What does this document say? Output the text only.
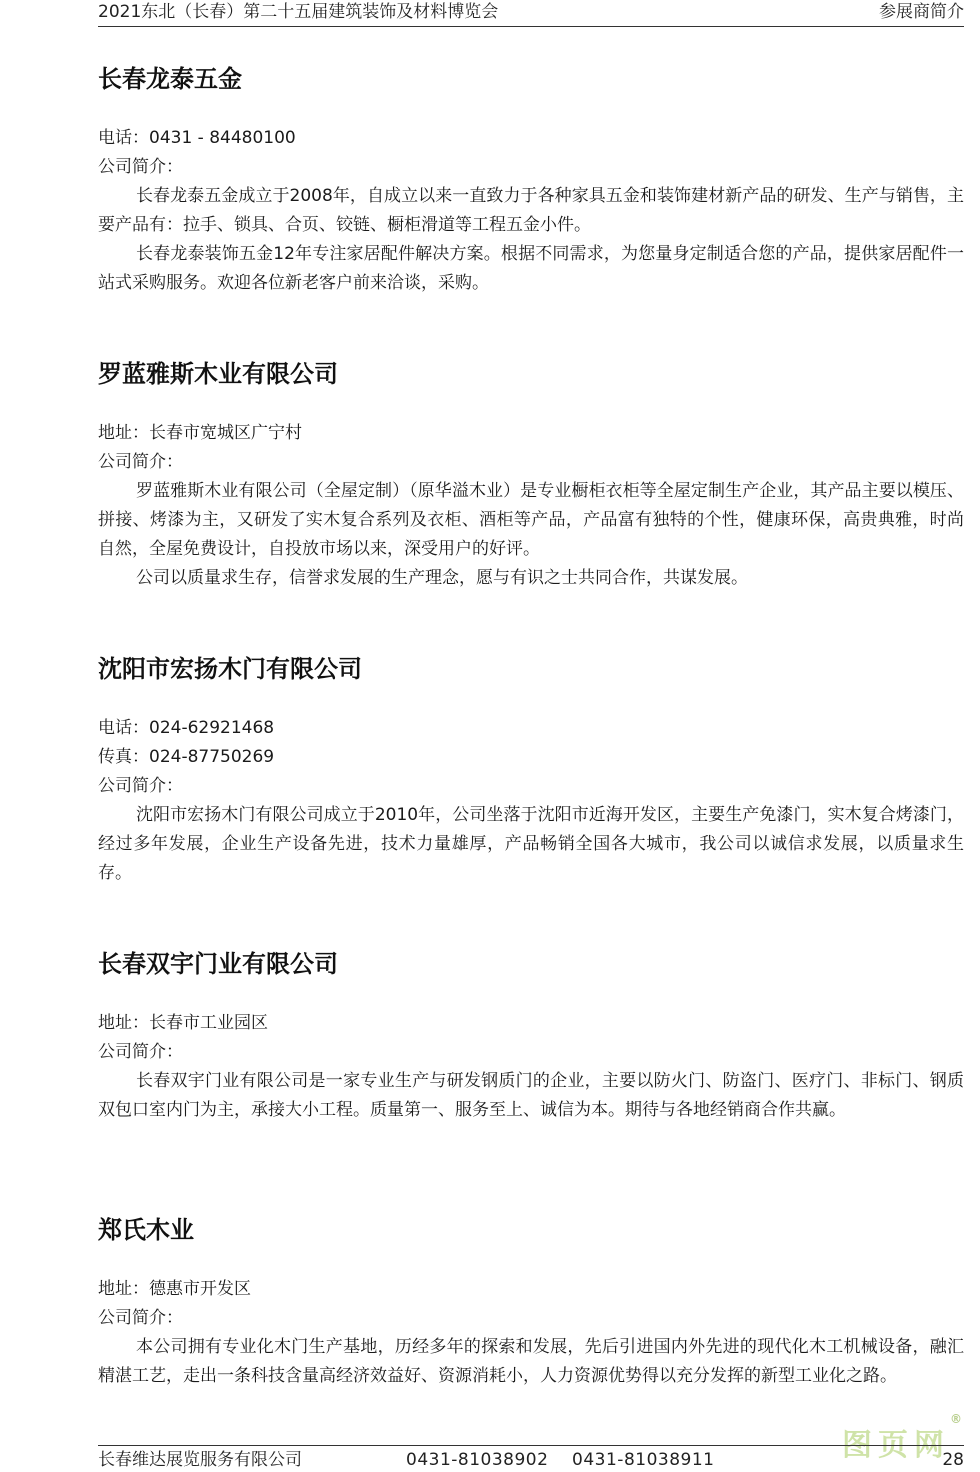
2021东北（长春）第二十五届建筑装饰及材料博览会	参展商简介
长春龙泰五金
电话：0431 - 84480100
公司简介：

长春龙泰五金成立于2008年，自成立以来一直致力于各种家具五金和装饰建材新产品的研发、生产与销售，主要产品有：拉手、锁具、合页、铰链、橱柜滑道等工程五金小件。

长春龙泰装饰五金12年专注家居配件解决方案。根据不同需求，为您量身定制适合您的产品，提供家居配件一站式采购服务。欢迎各位新老客户前来洽谈，采购。

罗蓝雅斯木业有限公司
地址：长春市宽城区广宁村
公司简介：

罗蓝雅斯木业有限公司（全屋定制）（原华溢木业）是专业橱柜衣柜等全屋定制生产企业，其产品主要以模压、拼接、烤漆为主，又研发了实木复合系列及衣柜、酒柜等产品，产品富有独特的个性，健康环保，高贵典雅，时尚自然，全屋免费设计，自投放市场以来，深受用户的好评。

公司以质量求生存，信誉求发展的生产理念，愿与有识之士共同合作，共谋发展。

沈阳市宏扬木门有限公司
电话：024-62921468
传真：024-87750269
公司简介：

沈阳市宏扬木门有限公司成立于2010年，公司坐落于沈阳市近海开发区，主要生产免漆门，实木复合烤漆门，经过多年发展，企业生产设备先进，技术力量雄厚，产品畅销全国各大城市，我公司以诚信求发展，以质量求生存。

长春双宇门业有限公司
地址：长春市工业园区
公司简介：

长春双宇门业有限公司是一家专业生产与研发钢质门的企业，主要以防火门、防盗门、医疗门、非标门、钢质双包口室内门为主，承接大小工程。质量第一、服务至上、诚信为本。期待与各地经销商合作共赢。

郑氏木业
地址：德惠市开发区
公司简介：

本公司拥有专业化木门生产基地，历经多年的探索和发展，先后引进国内外先进的现代化木工机械设备，融汇精湛工艺，走出一条科技含量高经济效益好、资源消耗小，人力资源优势得以充分发挥的新型工业化之路。

图页网®
长春维达展览服务有限公司	0431-81038902    0431-81038911	28
